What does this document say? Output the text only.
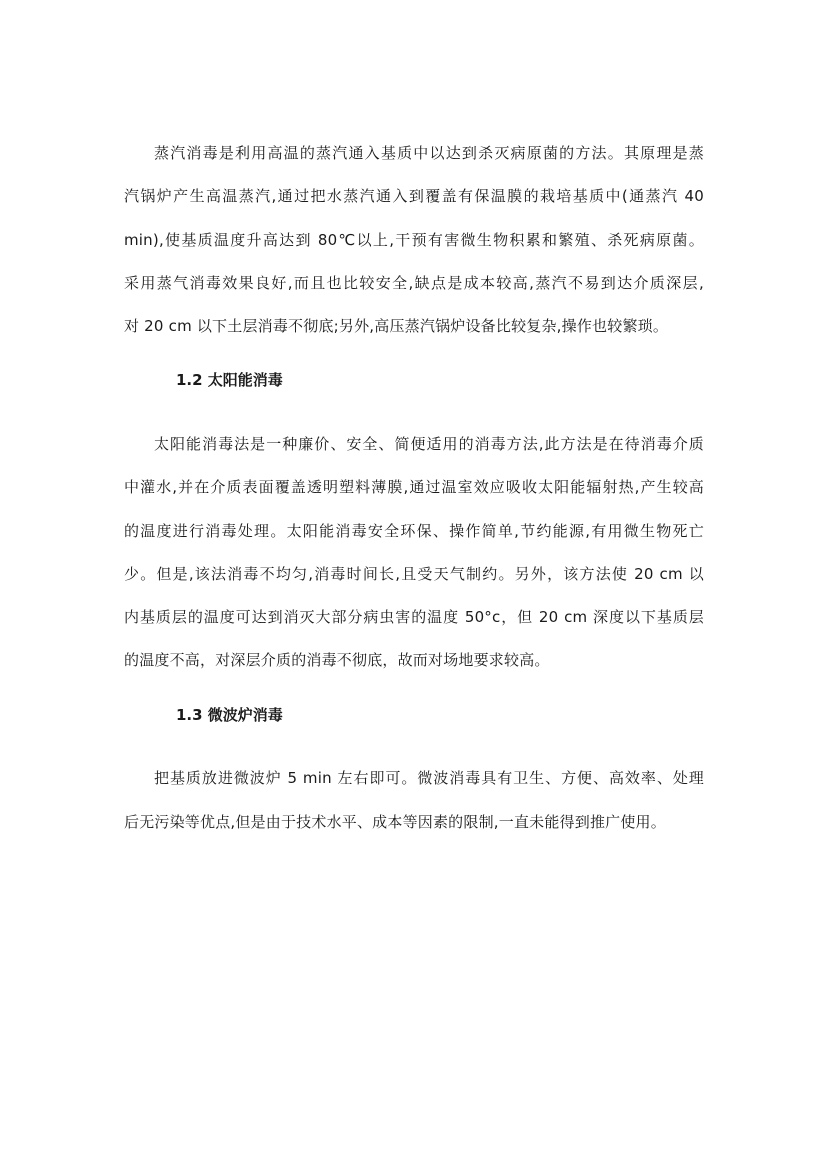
蒸汽消毒是利用高温的蒸汽通入基质中以达到杀灭病原菌的方法。其原理是蒸
汽锅炉产生高温蒸汽,通过把水蒸汽通入到覆盖有保温膜的栽培基质中(通蒸汽 40
min),使基质温度升高达到 80℃以上,干预有害微生物积累和繁殖、杀死病原菌。
采用蒸气消毒效果良好,而且也比较安全,缺点是成本较高,蒸汽不易到达介质深层,
对 20 cm 以下土层消毒不彻底;另外,高压蒸汽锅炉设备比较复杂,操作也较繁琐。
1.2 太阳能消毒
太阳能消毒法是一种廉价、安全、简便适用的消毒方法,此方法是在待消毒介质
中灌水,并在介质表面覆盖透明塑料薄膜,通过温室效应吸收太阳能辐射热,产生较高
的温度进行消毒处理。太阳能消毒安全环保、操作简单,节约能源,有用微生物死亡
少。但是,该法消毒不均匀,消毒时间长,且受天气制约。另外，该方法使 20 cm 以
内基质层的温度可达到消灭大部分病虫害的温度 50°c，但 20 cm 深度以下基质层
的温度不高，对深层介质的消毒不彻底，故而对场地要求较高。
1.3 微波炉消毒
把基质放进微波炉 5 min 左右即可。微波消毒具有卫生、方便、高效率、处理
后无污染等优点,但是由于技术水平、成本等因素的限制,一直未能得到推广使用。
